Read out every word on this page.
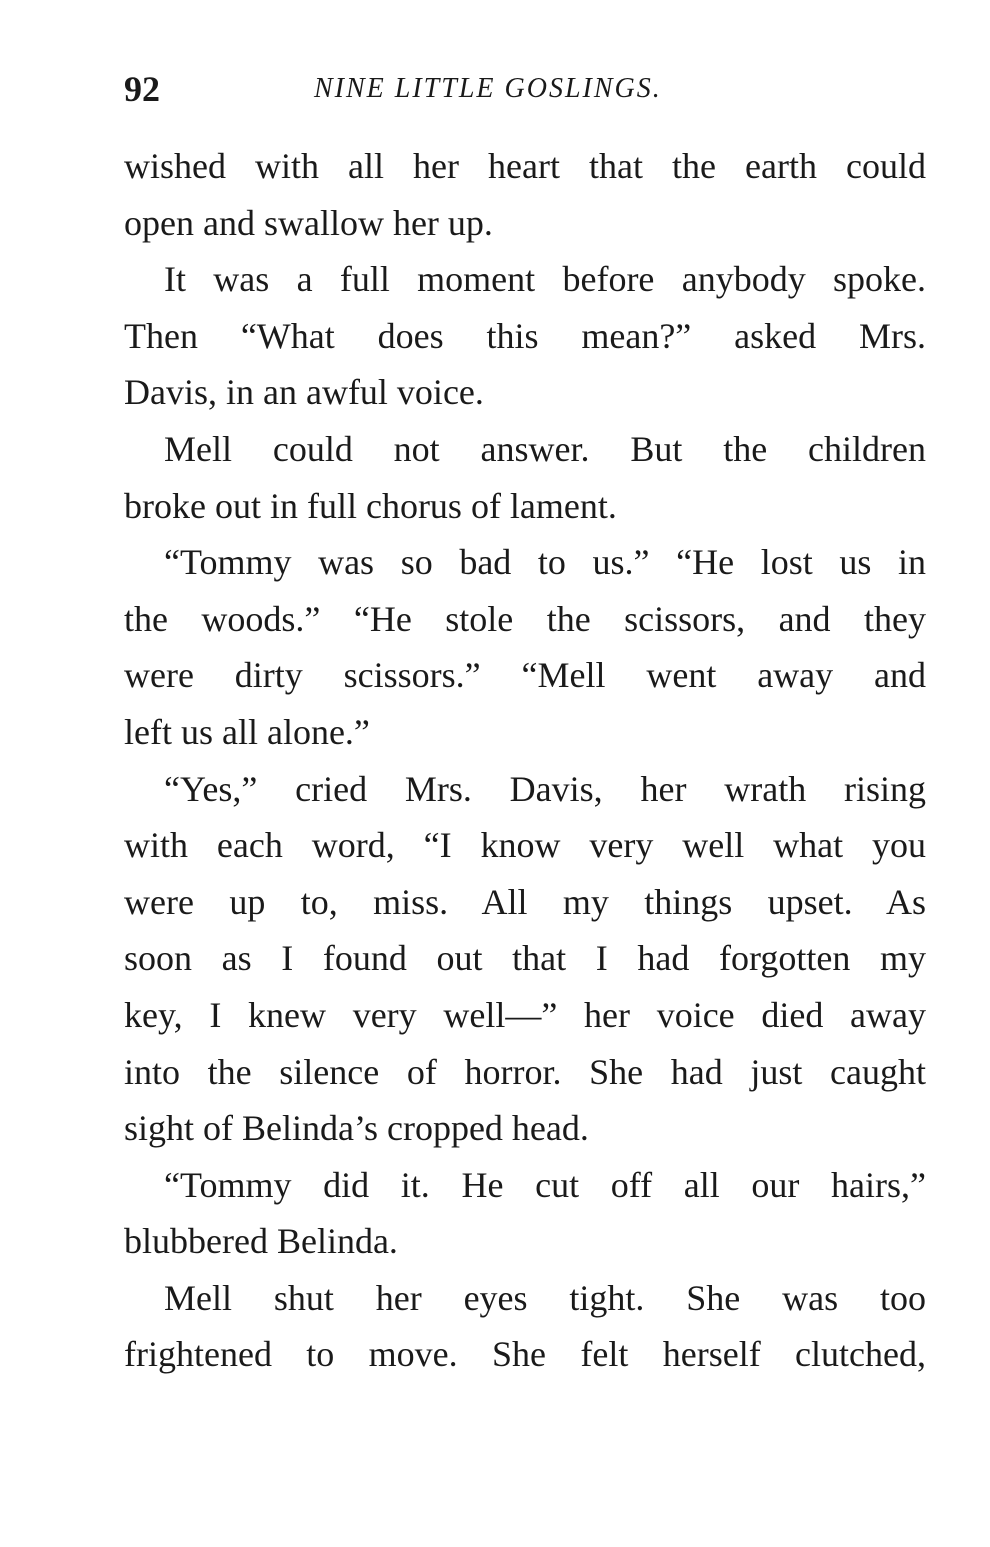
92	NINE LITTLE GOSLINGS.
wished with all her heart that the earth could
open and swallow her up.
It was a full moment before anybody spoke.
Then “What does this mean?” asked Mrs.
Davis, in an awful voice.
Mell could not answer. But the children
broke out in full chorus of lament.
“Tommy was so bad to us.” “He lost us in
the woods.” “He stole the scissors, and they
were dirty scissors.” “Mell went away and
left us all alone.”
“Yes,” cried Mrs. Davis, her wrath rising
with each word, “I know very well what you
were up to, miss. All my things upset. As
soon as I found out that I had forgotten my
key, I knew very well—” her voice died away
into the silence of horror. She had just caught
sight of Belinda’s cropped head.
“Tommy did it. He cut off all our hairs,”
blubbered Belinda.
Mell shut her eyes tight. She was too
frightened to move. She felt herself clutched,
